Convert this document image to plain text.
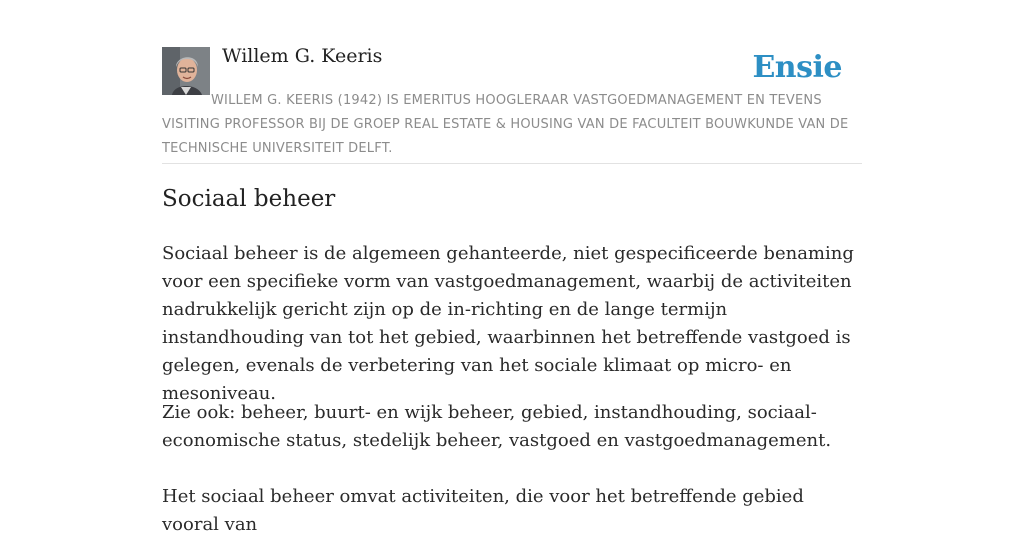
Willem G. Keeris	Ensie

WILLEM G. KEERIS (1942) IS EMERITUS HOOGLERAAR VASTGOEDMANAGEMENT EN TEVENS VISITING PROFESSOR BIJ DE GROEP REAL ESTATE & HOUSING VAN DE FACULTEIT BOUWKUNDE VAN DE TECHNISCHE UNIVERSITEIT DELFT.

Sociaal beheer

Sociaal beheer is de algemeen gehanteerde, niet gespecificeerde benaming voor een specifieke vorm van vastgoedmanagement, waarbij de activiteiten nadrukkelijk gericht zijn op de in-richting en de lange termijn instandhouding van tot het gebied, waarbinnen het betreffende vastgoed is gelegen, evenals de verbetering van het sociale klimaat op micro- en mesoniveau.

Zie ook: beheer, buurt- en wijk beheer, gebied, instandhouding, sociaal-economische status, stedelijk beheer, vastgoed en vastgoedmanagement.

Het sociaal beheer omvat activiteiten, die voor het betreffende gebied vooral van
